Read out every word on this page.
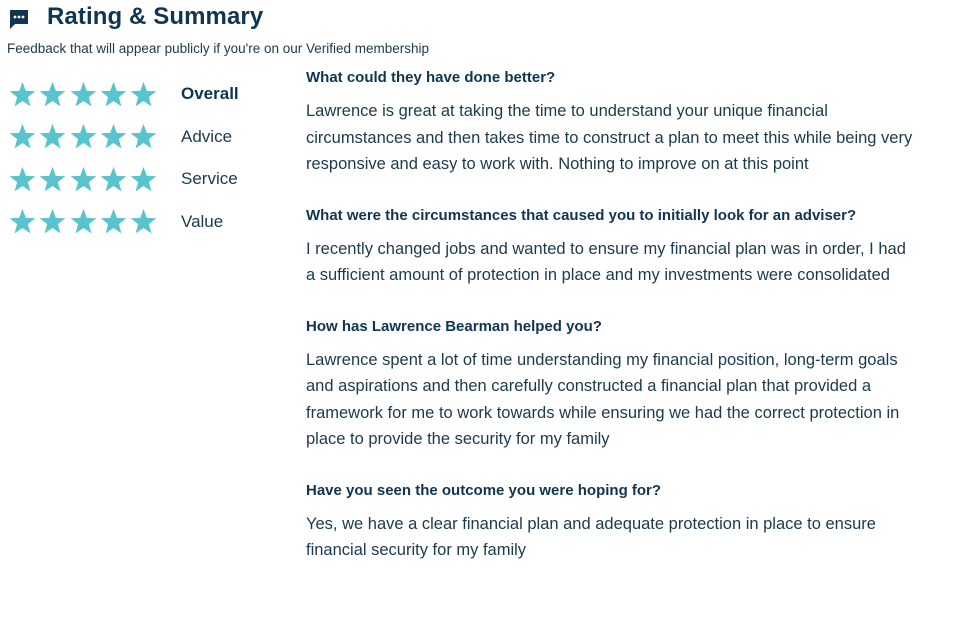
Rating & Summary
Feedback that will appear publicly if you're on our Verified membership
Overall
Advice
Service
Value
What could they have done better?

Lawrence is great at taking the time to understand your unique financial circumstances and then takes time to construct a plan to meet this while being very responsive and easy to work with. Nothing to improve on at this point

What were the circumstances that caused you to initially look for an adviser?

I recently changed jobs and wanted to ensure my financial plan was in order, I had a sufficient amount of protection in place and my investments were consolidated

How has Lawrence Bearman helped you?

Lawrence spent a lot of time understanding my financial position, long-term goals and aspirations and then carefully constructed a financial plan that provided a framework for me to work towards while ensuring we had the correct protection in place to provide the security for my family

Have you seen the outcome you were hoping for?

Yes, we have a clear financial plan and adequate protection in place to ensure financial security for my family
